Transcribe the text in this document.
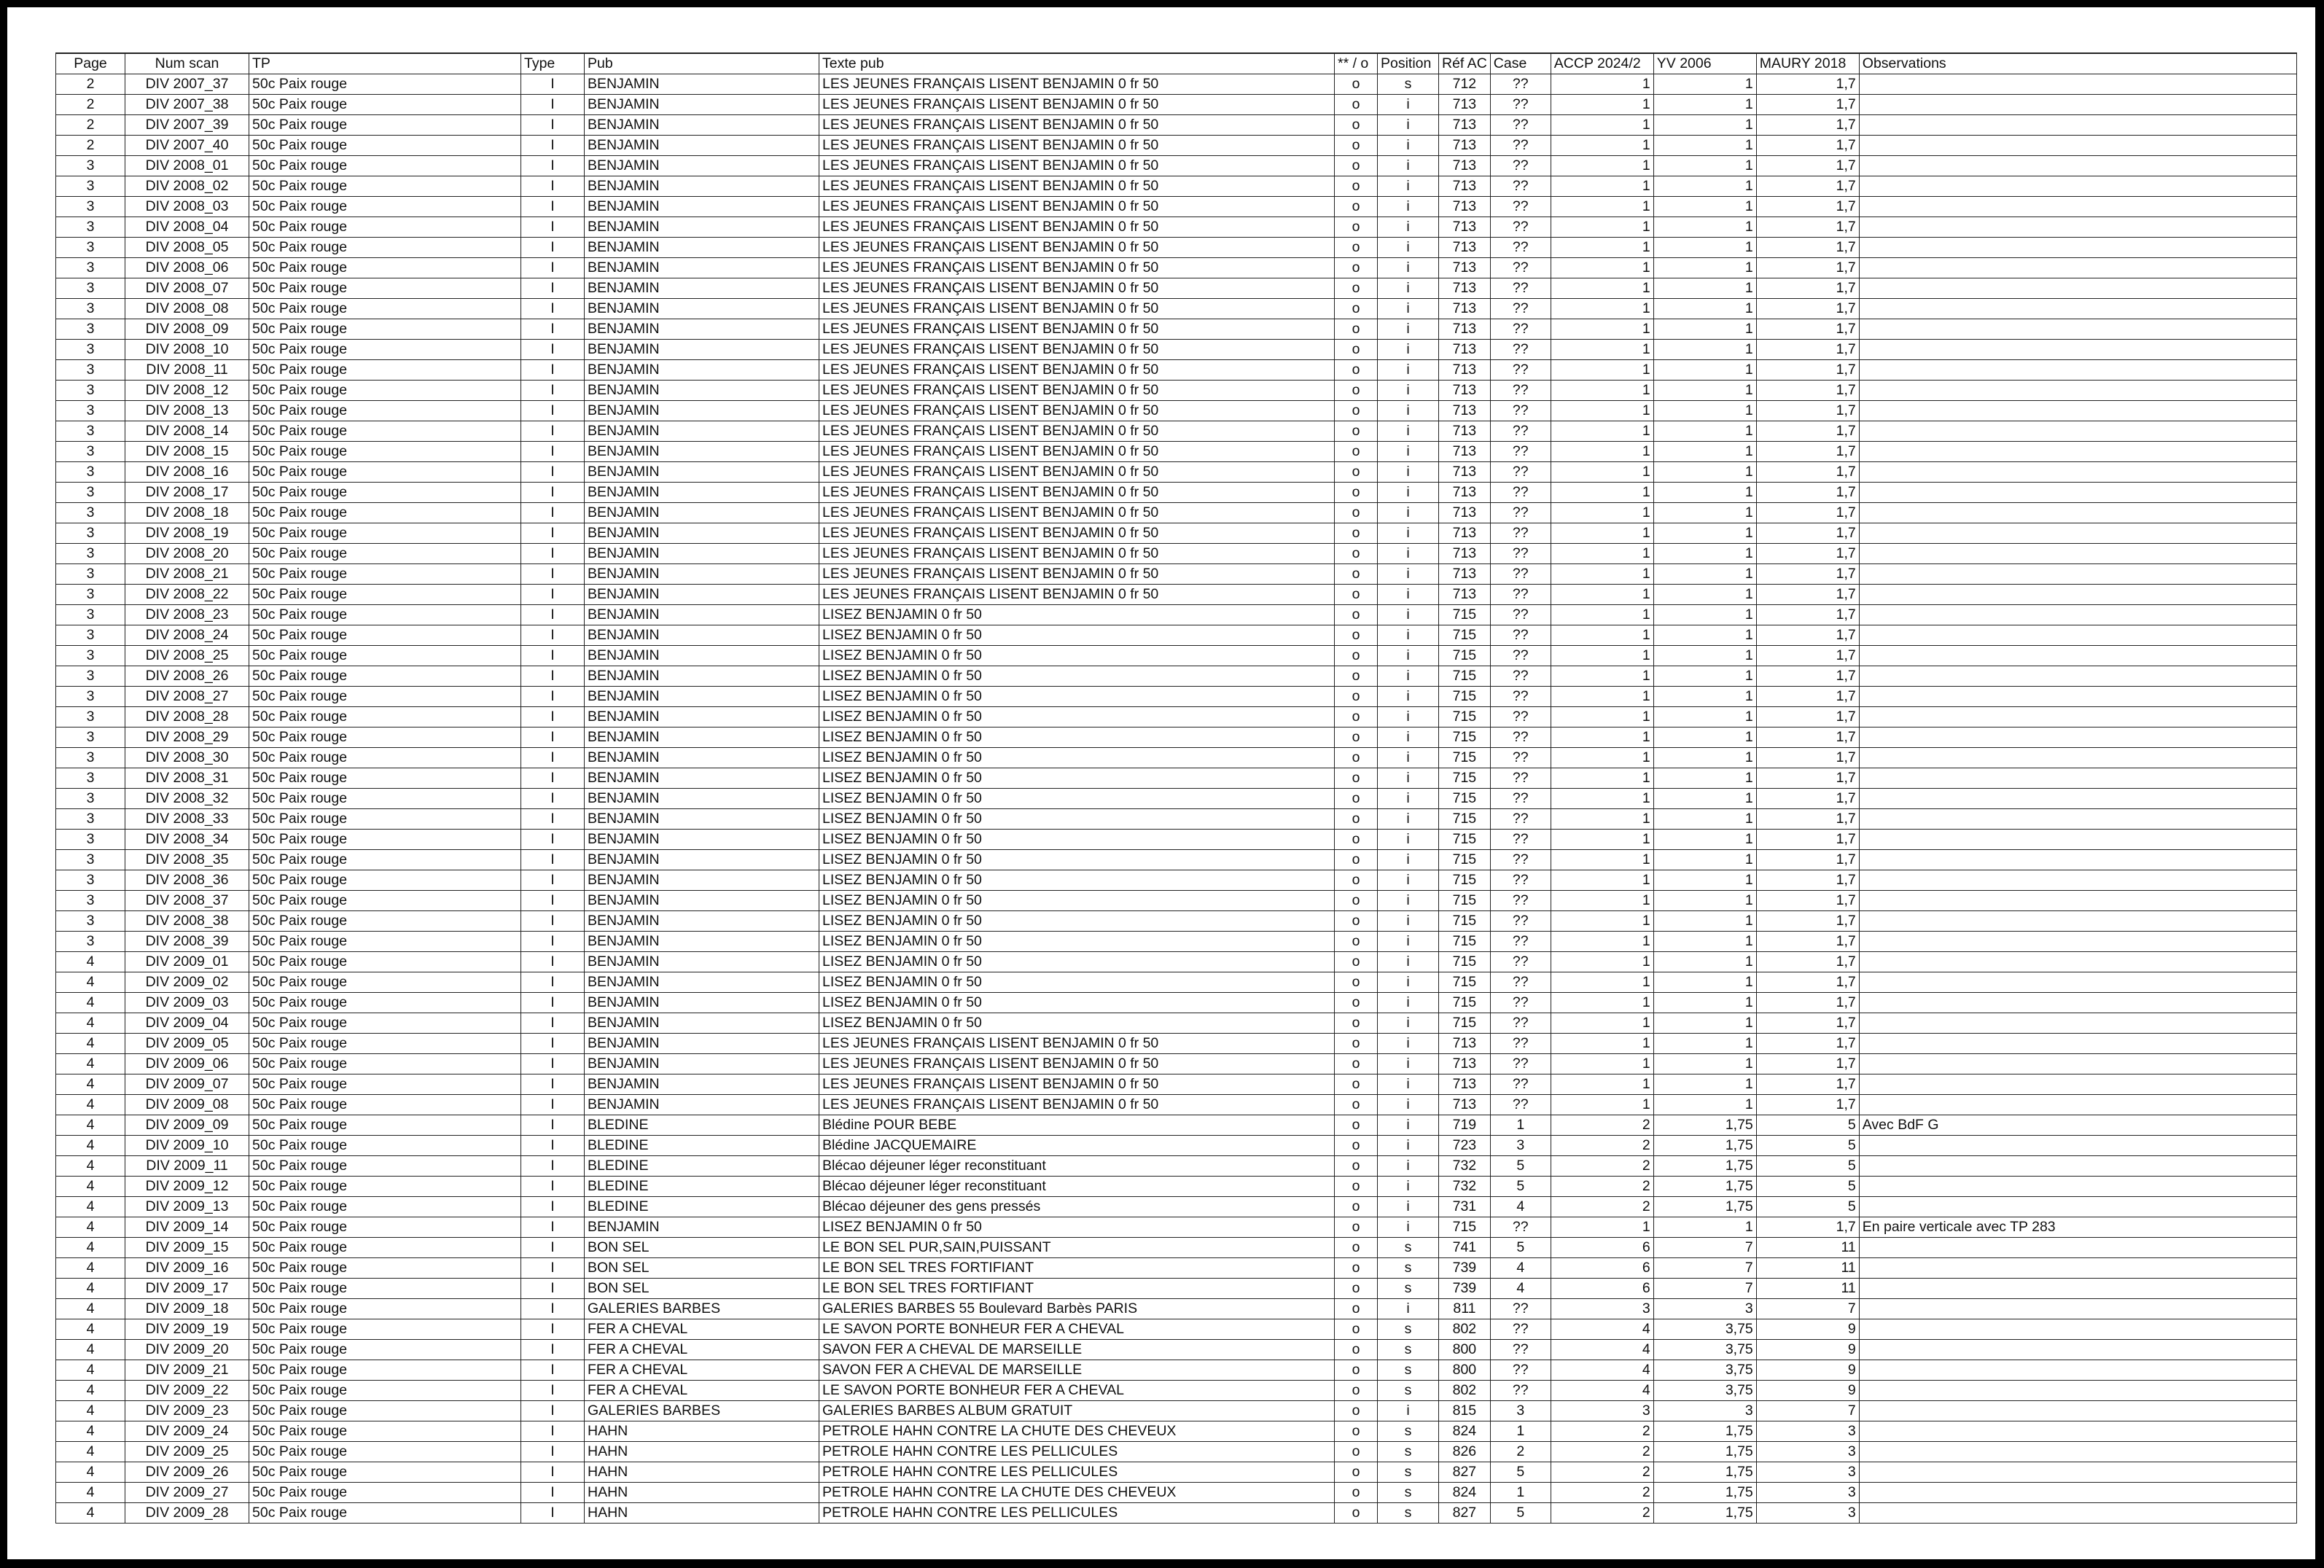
Page	Num scan	TP	Type	Pub	Texte pub	** / o	Position	Réf AC	Case	ACCP 2024/2	YV 2006	MAURY 2018	Observations
2	DIV 2007_37	50c Paix rouge	I	BENJAMIN	LES JEUNES FRANÇAIS LISENT BENJAMIN 0 fr 50	o	s	712	??	1	1	1,7	
2	DIV 2007_38	50c Paix rouge	I	BENJAMIN	LES JEUNES FRANÇAIS LISENT BENJAMIN 0 fr 50	o	i	713	??	1	1	1,7	
2	DIV 2007_39	50c Paix rouge	I	BENJAMIN	LES JEUNES FRANÇAIS LISENT BENJAMIN 0 fr 50	o	i	713	??	1	1	1,7	
2	DIV 2007_40	50c Paix rouge	I	BENJAMIN	LES JEUNES FRANÇAIS LISENT BENJAMIN 0 fr 50	o	i	713	??	1	1	1,7	
3	DIV 2008_01	50c Paix rouge	I	BENJAMIN	LES JEUNES FRANÇAIS LISENT BENJAMIN 0 fr 50	o	i	713	??	1	1	1,7	
3	DIV 2008_02	50c Paix rouge	I	BENJAMIN	LES JEUNES FRANÇAIS LISENT BENJAMIN 0 fr 50	o	i	713	??	1	1	1,7	
3	DIV 2008_03	50c Paix rouge	I	BENJAMIN	LES JEUNES FRANÇAIS LISENT BENJAMIN 0 fr 50	o	i	713	??	1	1	1,7	
3	DIV 2008_04	50c Paix rouge	I	BENJAMIN	LES JEUNES FRANÇAIS LISENT BENJAMIN 0 fr 50	o	i	713	??	1	1	1,7	
3	DIV 2008_05	50c Paix rouge	I	BENJAMIN	LES JEUNES FRANÇAIS LISENT BENJAMIN 0 fr 50	o	i	713	??	1	1	1,7	
3	DIV 2008_06	50c Paix rouge	I	BENJAMIN	LES JEUNES FRANÇAIS LISENT BENJAMIN 0 fr 50	o	i	713	??	1	1	1,7	
3	DIV 2008_07	50c Paix rouge	I	BENJAMIN	LES JEUNES FRANÇAIS LISENT BENJAMIN 0 fr 50	o	i	713	??	1	1	1,7	
3	DIV 2008_08	50c Paix rouge	I	BENJAMIN	LES JEUNES FRANÇAIS LISENT BENJAMIN 0 fr 50	o	i	713	??	1	1	1,7	
3	DIV 2008_09	50c Paix rouge	I	BENJAMIN	LES JEUNES FRANÇAIS LISENT BENJAMIN 0 fr 50	o	i	713	??	1	1	1,7	
3	DIV 2008_10	50c Paix rouge	I	BENJAMIN	LES JEUNES FRANÇAIS LISENT BENJAMIN 0 fr 50	o	i	713	??	1	1	1,7	
3	DIV 2008_11	50c Paix rouge	I	BENJAMIN	LES JEUNES FRANÇAIS LISENT BENJAMIN 0 fr 50	o	i	713	??	1	1	1,7	
3	DIV 2008_12	50c Paix rouge	I	BENJAMIN	LES JEUNES FRANÇAIS LISENT BENJAMIN 0 fr 50	o	i	713	??	1	1	1,7	
3	DIV 2008_13	50c Paix rouge	I	BENJAMIN	LES JEUNES FRANÇAIS LISENT BENJAMIN 0 fr 50	o	i	713	??	1	1	1,7	
3	DIV 2008_14	50c Paix rouge	I	BENJAMIN	LES JEUNES FRANÇAIS LISENT BENJAMIN 0 fr 50	o	i	713	??	1	1	1,7	
3	DIV 2008_15	50c Paix rouge	I	BENJAMIN	LES JEUNES FRANÇAIS LISENT BENJAMIN 0 fr 50	o	i	713	??	1	1	1,7	
3	DIV 2008_16	50c Paix rouge	I	BENJAMIN	LES JEUNES FRANÇAIS LISENT BENJAMIN 0 fr 50	o	i	713	??	1	1	1,7	
3	DIV 2008_17	50c Paix rouge	I	BENJAMIN	LES JEUNES FRANÇAIS LISENT BENJAMIN 0 fr 50	o	i	713	??	1	1	1,7	
3	DIV 2008_18	50c Paix rouge	I	BENJAMIN	LES JEUNES FRANÇAIS LISENT BENJAMIN 0 fr 50	o	i	713	??	1	1	1,7	
3	DIV 2008_19	50c Paix rouge	I	BENJAMIN	LES JEUNES FRANÇAIS LISENT BENJAMIN 0 fr 50	o	i	713	??	1	1	1,7	
3	DIV 2008_20	50c Paix rouge	I	BENJAMIN	LES JEUNES FRANÇAIS LISENT BENJAMIN 0 fr 50	o	i	713	??	1	1	1,7	
3	DIV 2008_21	50c Paix rouge	I	BENJAMIN	LES JEUNES FRANÇAIS LISENT BENJAMIN 0 fr 50	o	i	713	??	1	1	1,7	
3	DIV 2008_22	50c Paix rouge	I	BENJAMIN	LES JEUNES FRANÇAIS LISENT BENJAMIN 0 fr 50	o	i	713	??	1	1	1,7	
3	DIV 2008_23	50c Paix rouge	I	BENJAMIN	LISEZ BENJAMIN 0 fr 50	o	i	715	??	1	1	1,7	
3	DIV 2008_24	50c Paix rouge	I	BENJAMIN	LISEZ BENJAMIN 0 fr 50	o	i	715	??	1	1	1,7	
3	DIV 2008_25	50c Paix rouge	I	BENJAMIN	LISEZ BENJAMIN 0 fr 50	o	i	715	??	1	1	1,7	
3	DIV 2008_26	50c Paix rouge	I	BENJAMIN	LISEZ BENJAMIN 0 fr 50	o	i	715	??	1	1	1,7	
3	DIV 2008_27	50c Paix rouge	I	BENJAMIN	LISEZ BENJAMIN 0 fr 50	o	i	715	??	1	1	1,7	
3	DIV 2008_28	50c Paix rouge	I	BENJAMIN	LISEZ BENJAMIN 0 fr 50	o	i	715	??	1	1	1,7	
3	DIV 2008_29	50c Paix rouge	I	BENJAMIN	LISEZ BENJAMIN 0 fr 50	o	i	715	??	1	1	1,7	
3	DIV 2008_30	50c Paix rouge	I	BENJAMIN	LISEZ BENJAMIN 0 fr 50	o	i	715	??	1	1	1,7	
3	DIV 2008_31	50c Paix rouge	I	BENJAMIN	LISEZ BENJAMIN 0 fr 50	o	i	715	??	1	1	1,7	
3	DIV 2008_32	50c Paix rouge	I	BENJAMIN	LISEZ BENJAMIN 0 fr 50	o	i	715	??	1	1	1,7	
3	DIV 2008_33	50c Paix rouge	I	BENJAMIN	LISEZ BENJAMIN 0 fr 50	o	i	715	??	1	1	1,7	
3	DIV 2008_34	50c Paix rouge	I	BENJAMIN	LISEZ BENJAMIN 0 fr 50	o	i	715	??	1	1	1,7	
3	DIV 2008_35	50c Paix rouge	I	BENJAMIN	LISEZ BENJAMIN 0 fr 50	o	i	715	??	1	1	1,7	
3	DIV 2008_36	50c Paix rouge	I	BENJAMIN	LISEZ BENJAMIN 0 fr 50	o	i	715	??	1	1	1,7	
3	DIV 2008_37	50c Paix rouge	I	BENJAMIN	LISEZ BENJAMIN 0 fr 50	o	i	715	??	1	1	1,7	
3	DIV 2008_38	50c Paix rouge	I	BENJAMIN	LISEZ BENJAMIN 0 fr 50	o	i	715	??	1	1	1,7	
3	DIV 2008_39	50c Paix rouge	I	BENJAMIN	LISEZ BENJAMIN 0 fr 50	o	i	715	??	1	1	1,7	
4	DIV 2009_01	50c Paix rouge	I	BENJAMIN	LISEZ BENJAMIN 0 fr 50	o	i	715	??	1	1	1,7	
4	DIV 2009_02	50c Paix rouge	I	BENJAMIN	LISEZ BENJAMIN 0 fr 50	o	i	715	??	1	1	1,7	
4	DIV 2009_03	50c Paix rouge	I	BENJAMIN	LISEZ BENJAMIN 0 fr 50	o	i	715	??	1	1	1,7	
4	DIV 2009_04	50c Paix rouge	I	BENJAMIN	LISEZ BENJAMIN 0 fr 50	o	i	715	??	1	1	1,7	
4	DIV 2009_05	50c Paix rouge	I	BENJAMIN	LES JEUNES FRANÇAIS LISENT BENJAMIN 0 fr 50	o	i	713	??	1	1	1,7	
4	DIV 2009_06	50c Paix rouge	I	BENJAMIN	LES JEUNES FRANÇAIS LISENT BENJAMIN 0 fr 50	o	i	713	??	1	1	1,7	
4	DIV 2009_07	50c Paix rouge	I	BENJAMIN	LES JEUNES FRANÇAIS LISENT BENJAMIN 0 fr 50	o	i	713	??	1	1	1,7	
4	DIV 2009_08	50c Paix rouge	I	BENJAMIN	LES JEUNES FRANÇAIS LISENT BENJAMIN 0 fr 50	o	i	713	??	1	1	1,7	
4	DIV 2009_09	50c Paix rouge	I	BLEDINE	Blédine POUR BEBE	o	i	719	1	2	1,75	5	Avec BdF G
4	DIV 2009_10	50c Paix rouge	I	BLEDINE	Blédine JACQUEMAIRE	o	i	723	3	2	1,75	5	
4	DIV 2009_11	50c Paix rouge	I	BLEDINE	Blécao déjeuner léger reconstituant	o	i	732	5	2	1,75	5	
4	DIV 2009_12	50c Paix rouge	I	BLEDINE	Blécao déjeuner léger reconstituant	o	i	732	5	2	1,75	5	
4	DIV 2009_13	50c Paix rouge	I	BLEDINE	Blécao déjeuner des gens pressés	o	i	731	4	2	1,75	5	
4	DIV 2009_14	50c Paix rouge	I	BENJAMIN	LISEZ BENJAMIN 0 fr 50	o	i	715	??	1	1	1,7	En paire verticale avec TP 283
4	DIV 2009_15	50c Paix rouge	I	BON SEL	LE BON SEL PUR,SAIN,PUISSANT	o	s	741	5	6	7	11	
4	DIV 2009_16	50c Paix rouge	I	BON SEL	LE BON SEL TRES FORTIFIANT	o	s	739	4	6	7	11	
4	DIV 2009_17	50c Paix rouge	I	BON SEL	LE BON SEL TRES FORTIFIANT	o	s	739	4	6	7	11	
4	DIV 2009_18	50c Paix rouge	I	GALERIES BARBES	GALERIES BARBES 55 Boulevard Barbès PARIS	o	i	811	??	3	3	7	
4	DIV 2009_19	50c Paix rouge	I	FER A CHEVAL	LE SAVON PORTE BONHEUR FER A CHEVAL	o	s	802	??	4	3,75	9	
4	DIV 2009_20	50c Paix rouge	I	FER A CHEVAL	SAVON FER A CHEVAL DE MARSEILLE	o	s	800	??	4	3,75	9	
4	DIV 2009_21	50c Paix rouge	I	FER A CHEVAL	SAVON FER A CHEVAL DE MARSEILLE	o	s	800	??	4	3,75	9	
4	DIV 2009_22	50c Paix rouge	I	FER A CHEVAL	LE SAVON PORTE BONHEUR FER A CHEVAL	o	s	802	??	4	3,75	9	
4	DIV 2009_23	50c Paix rouge	I	GALERIES BARBES	GALERIES BARBES ALBUM GRATUIT	o	i	815	3	3	3	7	
4	DIV 2009_24	50c Paix rouge	I	HAHN	PETROLE HAHN CONTRE LA CHUTE DES CHEVEUX	o	s	824	1	2	1,75	3	
4	DIV 2009_25	50c Paix rouge	I	HAHN	PETROLE HAHN CONTRE LES PELLICULES	o	s	826	2	2	1,75	3	
4	DIV 2009_26	50c Paix rouge	I	HAHN	PETROLE HAHN CONTRE LES PELLICULES	o	s	827	5	2	1,75	3	
4	DIV 2009_27	50c Paix rouge	I	HAHN	PETROLE HAHN CONTRE LA CHUTE DES CHEVEUX	o	s	824	1	2	1,75	3	
4	DIV 2009_28	50c Paix rouge	I	HAHN	PETROLE HAHN CONTRE LES PELLICULES	o	s	827	5	2	1,75	3	
